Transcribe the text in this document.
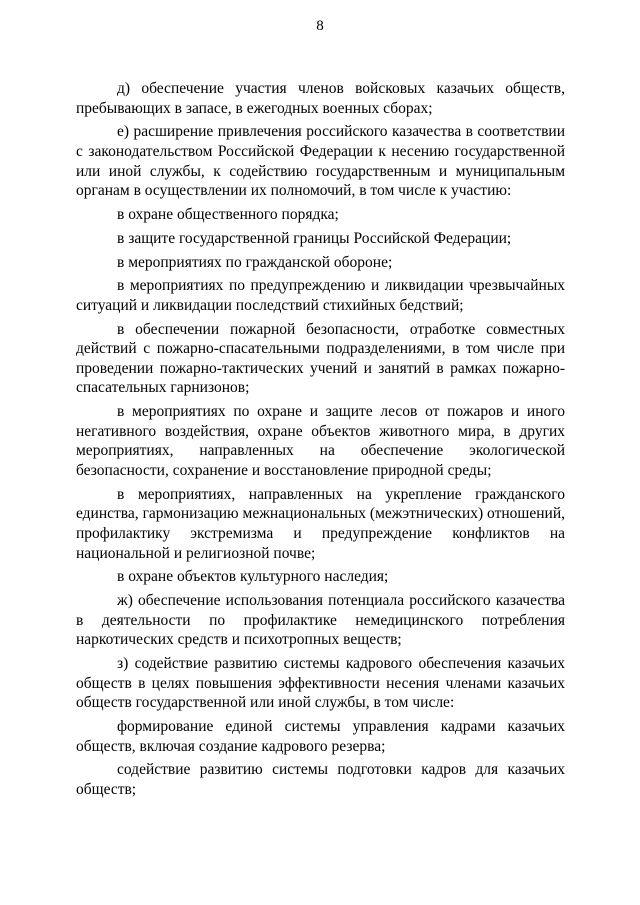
8

д) обеспечение участия членов войсковых казачьих обществ, пребывающих в запасе, в ежегодных военных сборах;

е) расширение привлечения российского казачества в соответствии с законодательством Российской Федерации к несению государственной или иной службы, к содействию государственным и муниципальным органам в осуществлении их полномочий, в том числе к участию:

в охране общественного порядка;

в защите государственной границы Российской Федерации;

в мероприятиях по гражданской обороне;

в мероприятиях по предупреждению и ликвидации чрезвычайных ситуаций и ликвидации последствий стихийных бедствий;

в обеспечении пожарной безопасности, отработке совместных действий с пожарно-спасательными подразделениями, в том числе при проведении пожарно-тактических учений и занятий в рамках пожарно-спасательных гарнизонов;

в мероприятиях по охране и защите лесов от пожаров и иного негативного воздействия, охране объектов животного мира, в других мероприятиях, направленных на обеспечение экологической безопасности, сохранение и восстановление природной среды;

в мероприятиях, направленных на укрепление гражданского единства, гармонизацию межнациональных (межэтнических) отношений, профилактику экстремизма и предупреждение конфликтов на национальной и религиозной почве;

в охране объектов культурного наследия;

ж) обеспечение использования потенциала российского казачества в деятельности по профилактике немедицинского потребления наркотических средств и психотропных веществ;

з) содействие развитию системы кадрового обеспечения казачьих обществ в целях повышения эффективности несения членами казачьих обществ государственной или иной службы, в том числе:

формирование единой системы управления кадрами казачьих обществ, включая создание кадрового резерва;

содействие развитию системы подготовки кадров для казачьих обществ;
